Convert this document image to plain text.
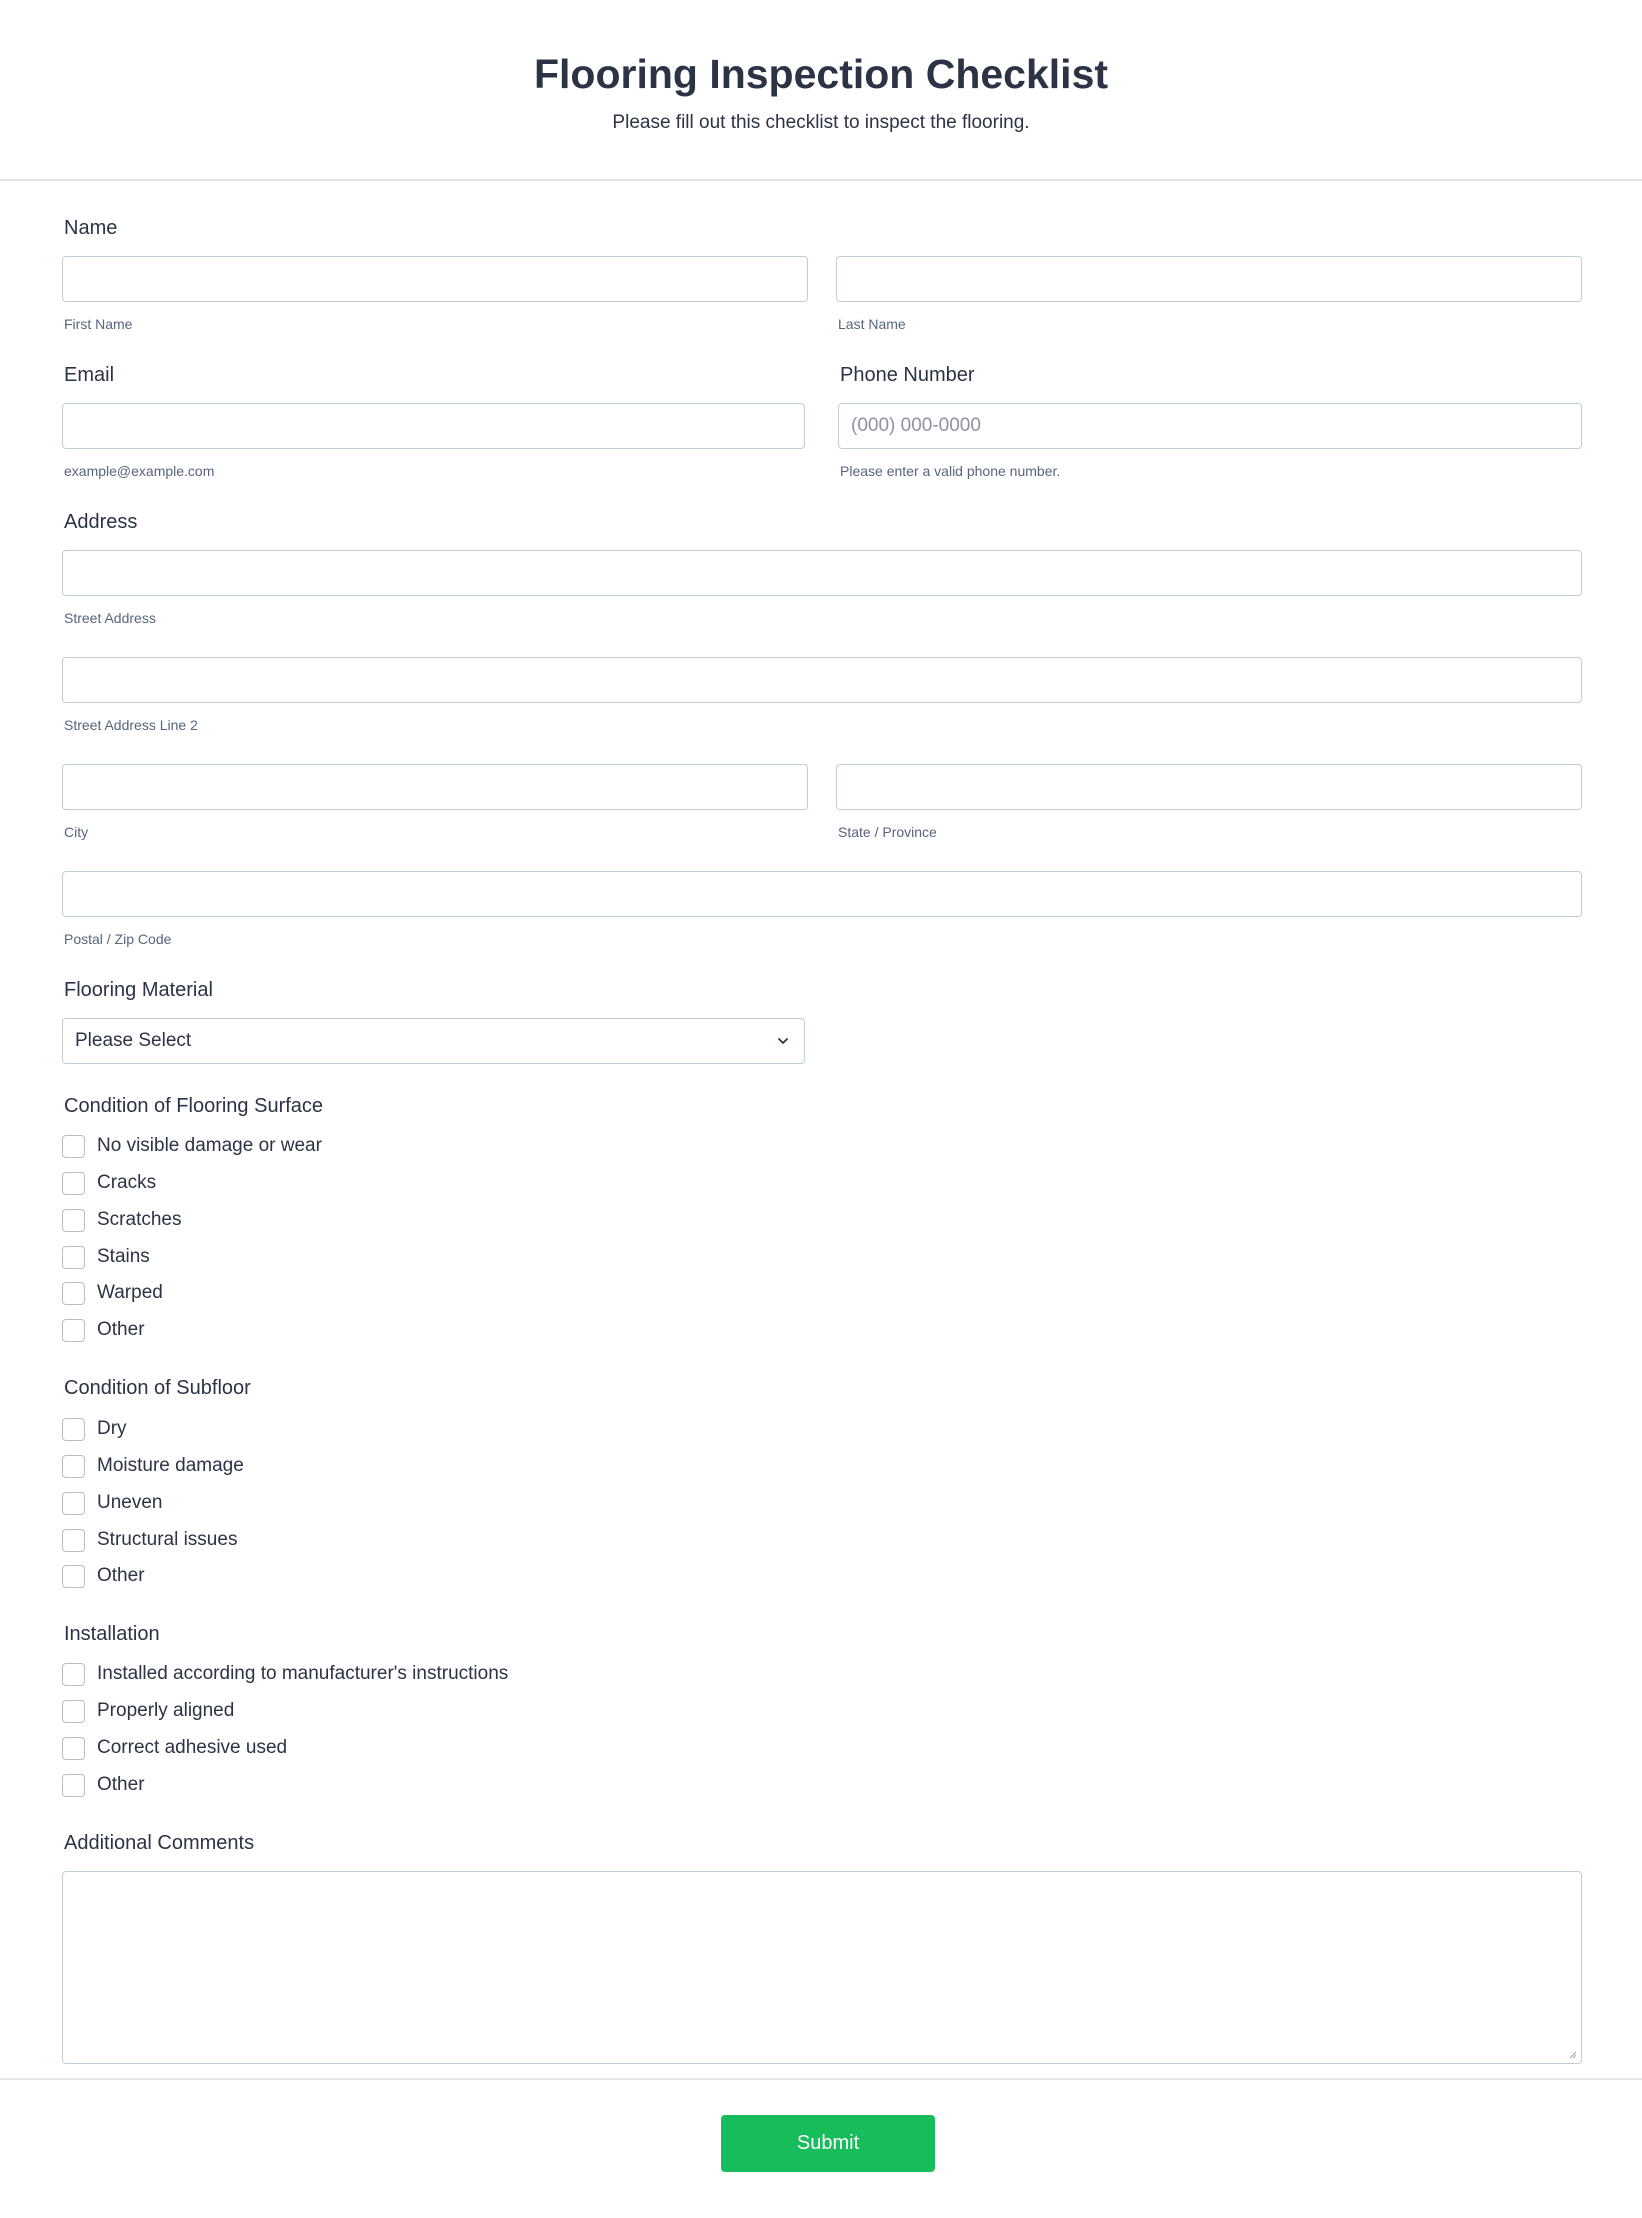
Flooring Inspection Checklist
Please fill out this checklist to inspect the flooring.
Name
First Name	Last Name
Email	Phone Number
(000) 000-0000
example@example.com	Please enter a valid phone number.
Address
Street Address
Street Address Line 2
City	State / Province
Postal / Zip Code
Flooring Material
Please Select
Condition of Flooring Surface
No visible damage or wear
Cracks
Scratches
Stains
Warped
Other
Condition of Subfloor
Dry
Moisture damage
Uneven
Structural issues
Other
Installation
Installed according to manufacturer's instructions
Properly aligned
Correct adhesive used
Other
Additional Comments
Submit
